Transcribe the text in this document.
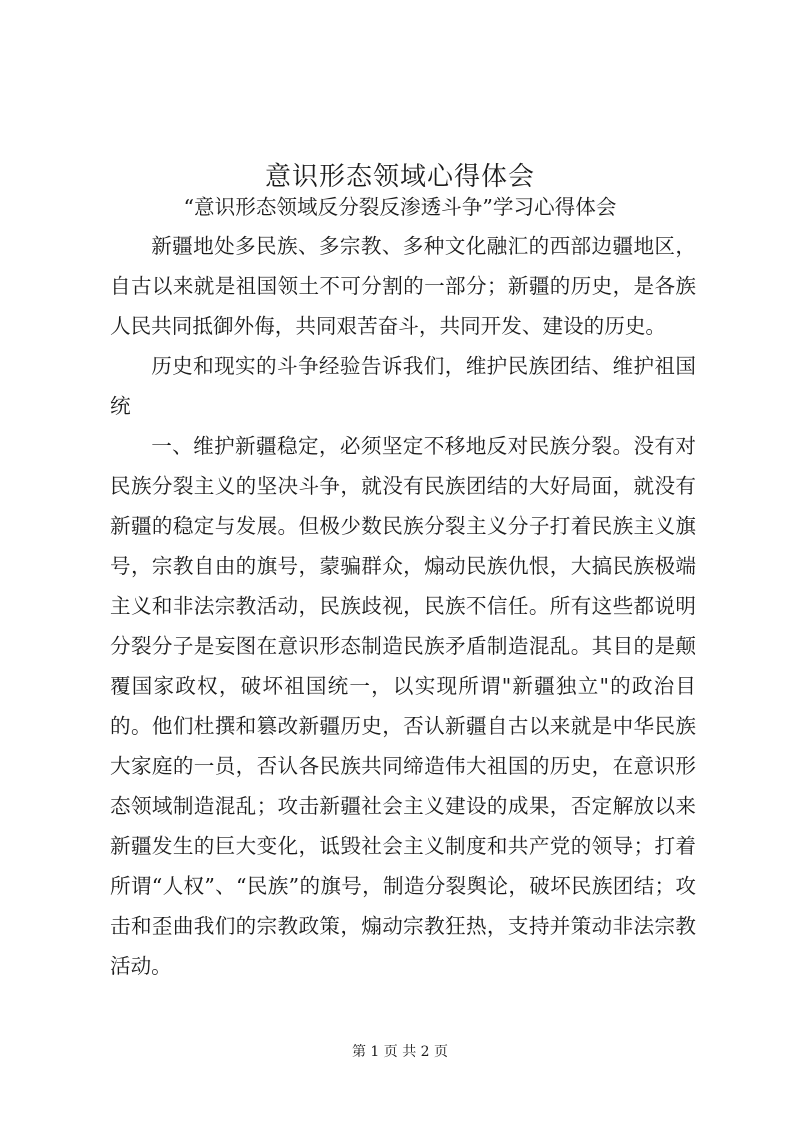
意识形态领域心得体会
“意识形态领域反分裂反渗透斗争”学习心得体会

新疆地处多民族、多宗教、多种文化融汇的西部边疆地区，自古以来就是祖国领土不可分割的一部分；新疆的历史，是各族人民共同抵御外侮，共同艰苦奋斗，共同开发、建设的历史。

历史和现实的斗争经验告诉我们，维护民族团结、维护祖国统

一、维护新疆稳定，必须坚定不移地反对民族分裂。没有对民族分裂主义的坚决斗争，就没有民族团结的大好局面，就没有新疆的稳定与发展。但极少数民族分裂主义分子打着民族主义旗号，宗教自由的旗号，蒙骗群众，煽动民族仇恨，大搞民族极端主义和非法宗教活动，民族歧视，民族不信任。所有这些都说明分裂分子是妄图在意识形态制造民族矛盾制造混乱。其目的是颠覆国家政权，破坏祖国统一，以实现所谓"新疆独立"的政治目的。他们杜撰和篡改新疆历史，否认新疆自古以来就是中华民族大家庭的一员，否认各民族共同缔造伟大祖国的历史，在意识形态领域制造混乱；攻击新疆社会主义建设的成果，否定解放以来新疆发生的巨大变化，诋毁社会主义制度和共产党的领导；打着所谓“人权”、“民族”的旗号，制造分裂舆论，破坏民族团结；攻击和歪曲我们的宗教政策，煽动宗教狂热，支持并策动非法宗教活动。

第 1 页 共 2 页
